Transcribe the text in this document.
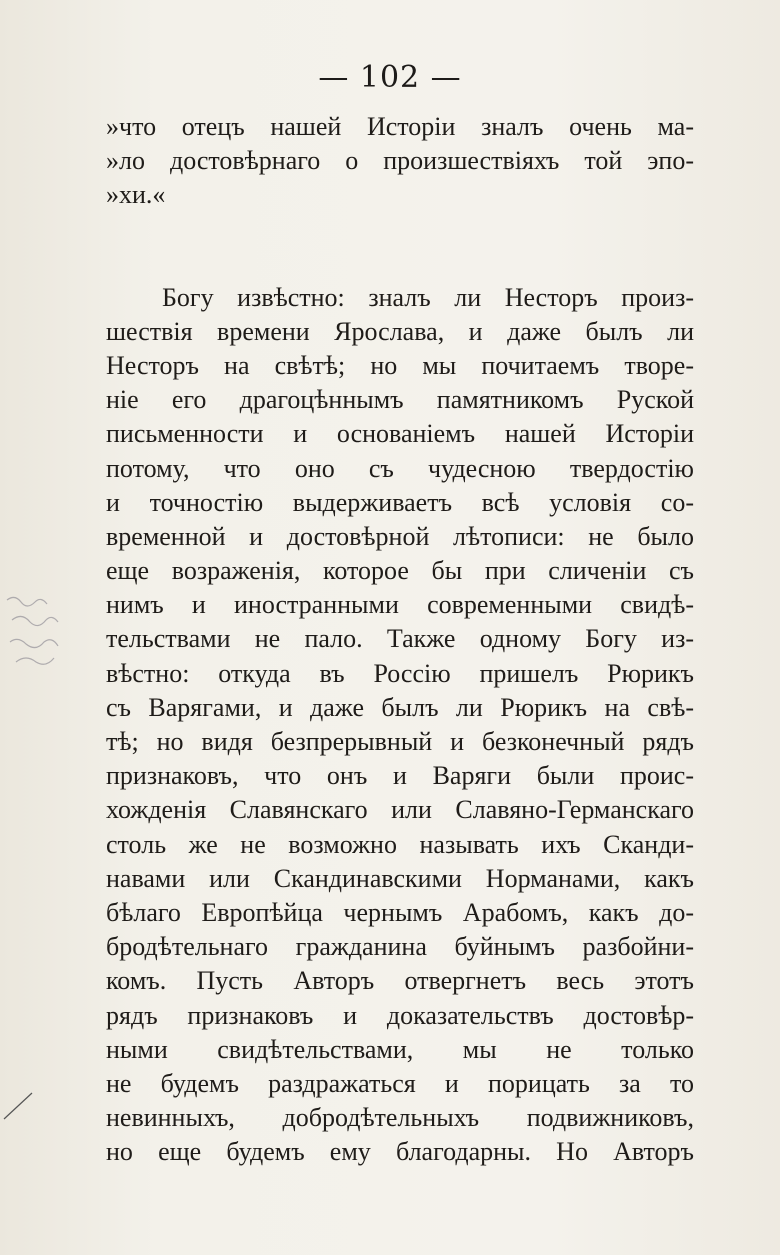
— 102 —
»что отецъ нашей Исторіи зналъ очень ма-
»ло достовѣрнаго о произшествіяхъ той эпо-
»хи.«
Богу извѣстно: зналъ ли Несторъ произ-
шествія времени Ярослава, и даже былъ ли
Несторъ на свѣтѣ; но мы почитаемъ творе-
ніе его драгоцѣннымъ памятникомъ Руской
письменности и основаніемъ нашей Исторіи
потому, что оно съ чудесною твердостію
и точностію выдерживаетъ всѣ условія со-
временной и достовѣрной лѣтописи: не было
еще возраженія, которое бы при сличеніи съ
нимъ и иностранными современными свидѣ-
тельствами не пало. Также одному Богу из-
вѣстно: откуда въ Россію пришелъ Рюрикъ
съ Варягами, и даже былъ ли Рюрикъ на свѣ-
тѣ; но видя безпрерывный и безконечный рядъ
признаковъ, что онъ и Варяги были проис-
хожденія Славянскаго или Славяно-Германскаго
столь же не возможно называть ихъ Сканди-
навами или Скандинавскими Норманами, какъ
бѣлаго Европѣйца чернымъ Арабомъ, какъ до-
бродѣтельнаго гражданина буйнымъ разбойни-
комъ. Пусть Авторъ отвергнетъ весь этотъ
рядъ признаковъ и доказательствъ достовѣр-
ными свидѣтельствами, мы не только
не будемъ раздражаться и порицать за то
невинныхъ, добродѣтельныхъ подвижниковъ,
но еще будемъ ему благодарны. Но Авторъ
